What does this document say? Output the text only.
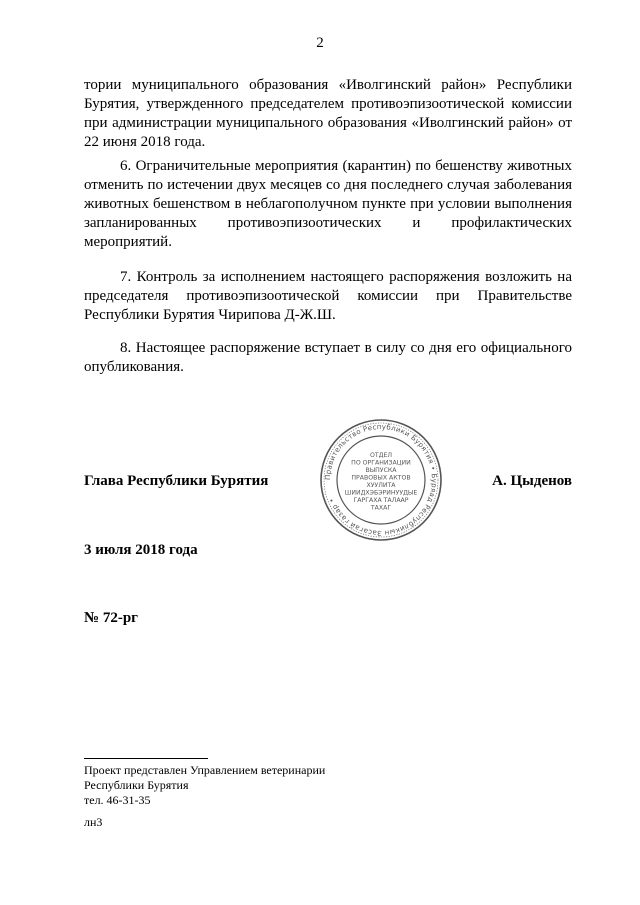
2

тории муниципального образования «Иволгинский район» Республики Бурятия, утвержденного председателем противоэпизоотической комиссии при администрации муниципального образования «Иволгинский район» от 22 июня 2018 года.

6. Ограничительные мероприятия (карантин) по бешенству животных отменить по истечении двух месяцев со дня последнего случая заболевания животных бешенством в неблагополучном пункте при условии выполнения запланированных противоэпизоотических и профилактических мероприятий.

7. Контроль за исполнением настоящего распоряжения возложить на председателя противоэпизоотической комиссии при Правительстве Республики Бурятия Чирипова Д-Ж.Ш.

8. Настоящее распоряжение вступает в силу со дня его официального опубликования.

Глава Республики Бурятия	Правительство Республики Бурятия • Буряад Республикын Засагай газар •
ОТДЕЛ
ПО ОРГАНИЗАЦИИ
ВЫПУСКА
ПРАВОВЫХ АКТОВ
ХУУЛИТА
ШИИДХЭБЭРИНУУДЫЕ
ГАРГАХА ТАЛААР
ТАХАГ
А. Цыденов
3 июля 2018 года
№ 72-рг
Проект представлен Управлением ветеринарии
Республики Бурятия
тел. 46-31-35
лн3
